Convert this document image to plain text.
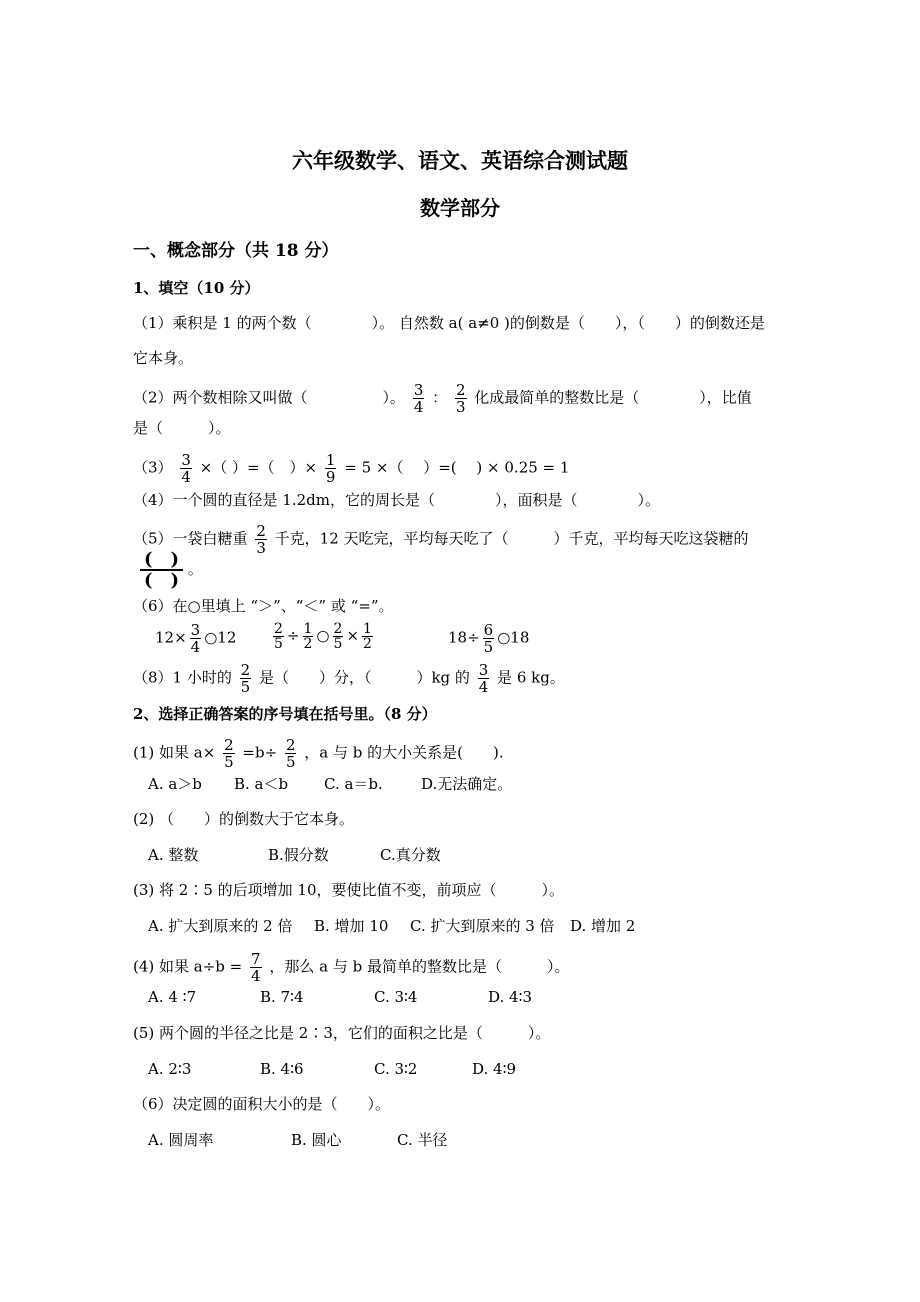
六年级数学、语文、英语综合测试题
数学部分
一、概念部分（共 18 分）
1、填空（10 分）
（1）乘积是 1 的两个数（　　　　）。 自然数 a( a≠0 )的倒数是（　　），（　　）的倒数还是
它本身。
（2）两个数相除又叫做（　　　　　）。 $\frac{3}{4}$ ： $\frac{2}{3}$ 化成最简单的整数比是（　　　　），比值
是（　　　）。
$(3) \frac{3}{4}$ ×（ ）=（　）× $\frac{1}{9} = 5$ ×（　 ）=(　 ) × 0.25 = 1
（4）一个圆的直径是 1.2dm，它的周长是（　　　　），面积是（　　　　）。
（5）一袋白糖重 $\frac{2}{3}$ 千克，12 天吃完，平均每天吃了（　　　）千克，平均每天吃这袋糖的
$\frac{( )}{( )}$ 。
（6）在○里填上 “＞”、“＜” 或 “=”。
$12\times \frac{3}{4}$ ○12	$\frac{2}{5} \div \frac{1}{2}$ ○ $\frac{2}{5} \times \frac{1}{2}$	$18\div \frac{6}{5}$ ○18
（8）1 小时的 $\frac{2}{5}$ 是（　　）分，（　　　）kg 的 $\frac{3}{4}$ 是 6 kg。
2、选择正确答案的序号填在括号里。（8 分）
(1) 如果 $a\times \frac{2}{5} =b\div \frac{2}{5}$ ，a 与 b 的大小关系是(　　).
A. a＞b B. a＜b C. a＝b.	D.无法确定。
(2) （　　）的倒数大于它本身。
A. 整数	B.假分数	C.真分数
(3) 将 2∶5 的后项增加 10，要使比值不变，前项应（　　　）。
A. 扩大到原来的 2 倍 B. 增加 10 C. 扩大到原来的 3 倍 D. 增加 2
(4) 如果 $a\div b = \frac{7}{4}$ ，那么 a 与 b 最简单的整数比是（　　　）。
A. 4 ∶7	B. 7∶4	C. 3∶4	D. 4∶3
(5) 两个圆的半径之比是 2∶3，它们的面积之比是（　　　）。
A. 2∶3	B. 4∶6	C. 3∶2	D. 4∶9
（6）决定圆的面积大小的是（　　）。
A. 圆周率	B. 圆心	C. 半径
